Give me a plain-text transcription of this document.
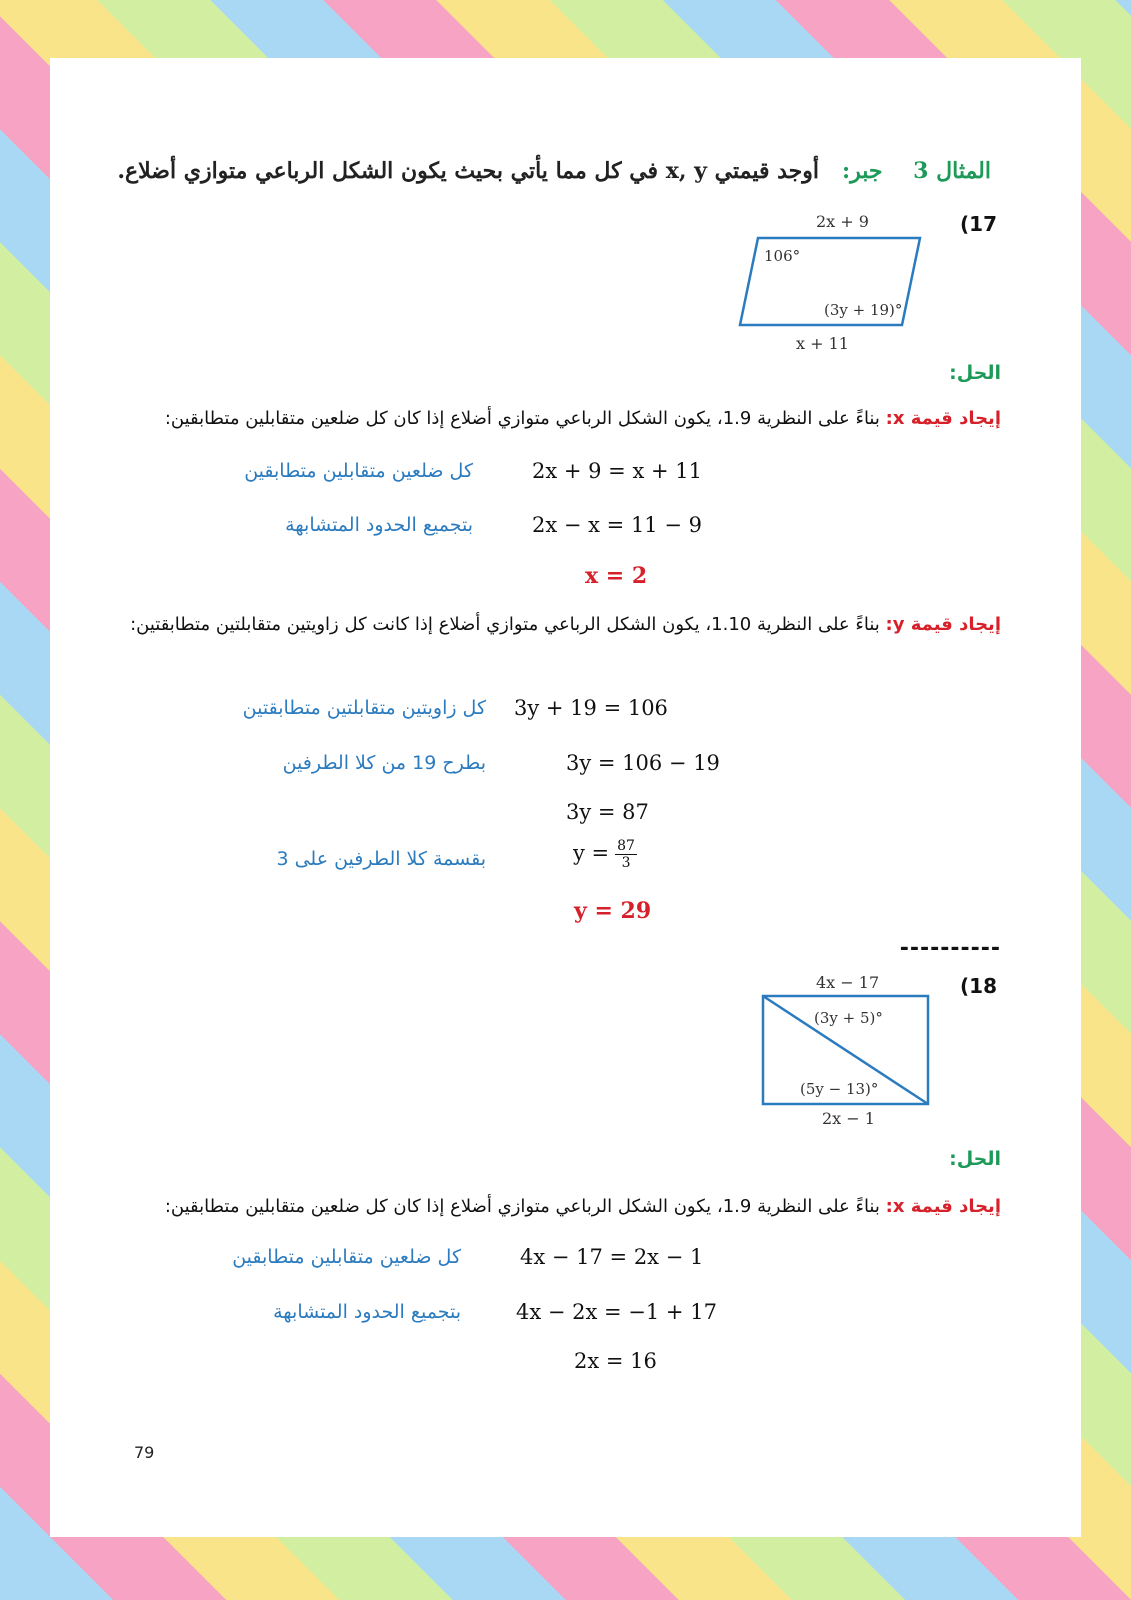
المثال 3    جبر:   أوجد قيمتي x, y في كل مما يأتي بحيث يكون الشكل الرباعي متوازي أضلاع.
(17
2x + 9
106°
(3y + 19)°
x + 11
الحل:
إيجاد قيمة x: بناءً على النظرية 1.9، يكون الشكل الرباعي متوازي أضلاع إذا كان كل ضلعين متقابلين متطابقين:
كل ضلعين متقابلين متطابقين	2x + 9 = x + 11
بتجميع الحدود المتشابهة	2x − x = 11 − 9
x = 2
إيجاد قيمة y: بناءً على النظرية 1.10، يكون الشكل الرباعي متوازي أضلاع إذا كانت كل زاويتين متقابلتين متطابقتين:
كل زاويتين متقابلتين متطابقتين 3y + 19 = 106
بطرح 19 من كلا الطرفين	3y = 106 − 19
3y = 87
بقسمة كلا الطرفين على 3	$y = \frac{87}{3}$
y = 29
----------
(18
4x − 17
(3y + 5)°
(5y − 13)°
2x − 1
الحل:
إيجاد قيمة x: بناءً على النظرية 1.9، يكون الشكل الرباعي متوازي أضلاع إذا كان كل ضلعين متقابلين متطابقين:
كل ضلعين متقابلين متطابقين	4x − 17 = 2x − 1
بتجميع الحدود المتشابهة	4x − 2x = −1 + 17
2x = 16
79
